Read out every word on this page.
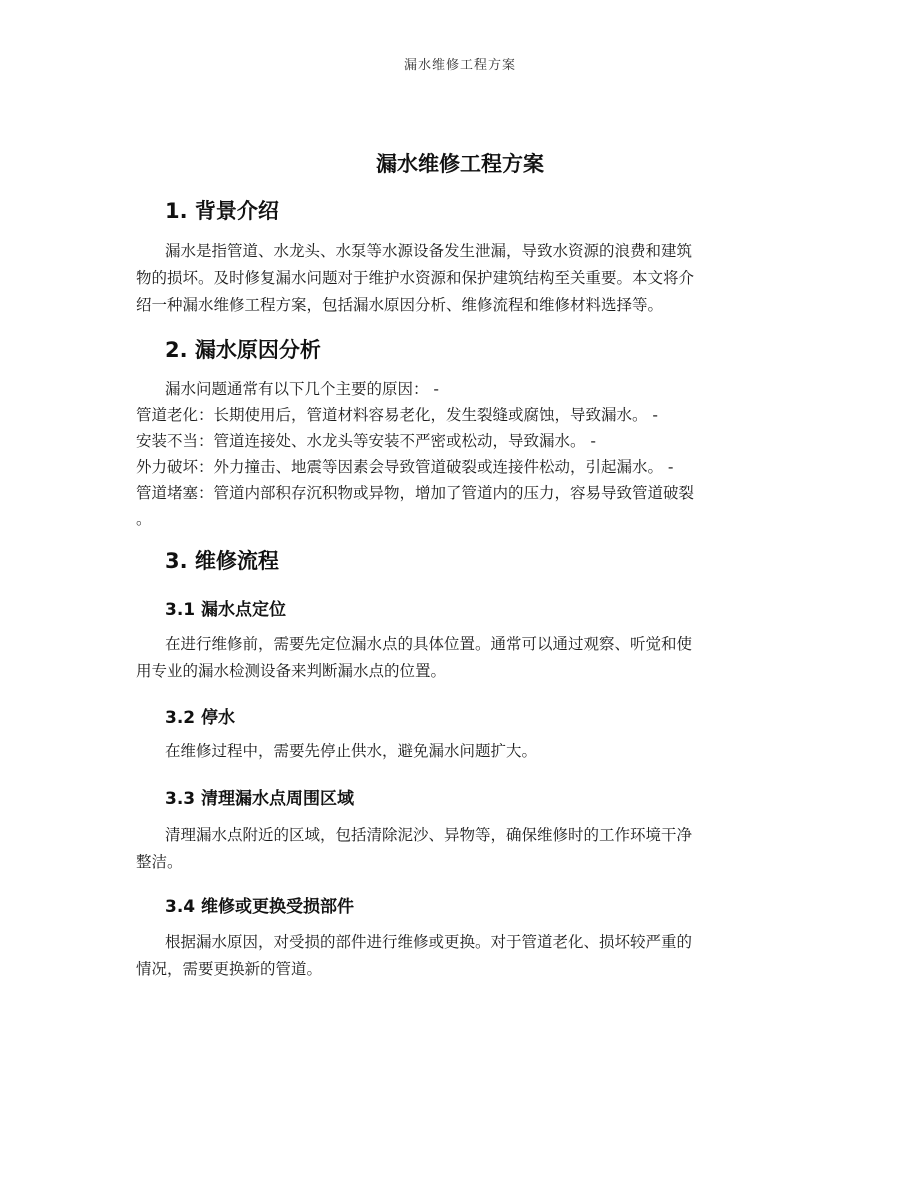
漏水维修工程方案
漏水维修工程方案
1. 背景介绍
漏水是指管道、水龙头、水泵等水源设备发生泄漏，导致水资源的浪费和建筑
物的损坏。及时修复漏水问题对于维护水资源和保护建筑结构至关重要。本文将介
绍一种漏水维修工程方案，包括漏水原因分析、维修流程和维修材料选择等。
2. 漏水原因分析
漏水问题通常有以下几个主要的原因： -
管道老化：长期使用后，管道材料容易老化，发生裂缝或腐蚀，导致漏水。 -
安装不当：管道连接处、水龙头等安装不严密或松动，导致漏水。 -
外力破坏：外力撞击、地震等因素会导致管道破裂或连接件松动，引起漏水。 -
管道堵塞：管道内部积存沉积物或异物，增加了管道内的压力，容易导致管道破裂
。
3. 维修流程
3.1 漏水点定位
在进行维修前，需要先定位漏水点的具体位置。通常可以通过观察、听觉和使
用专业的漏水检测设备来判断漏水点的位置。
3.2 停水
在维修过程中，需要先停止供水，避免漏水问题扩大。
3.3 清理漏水点周围区域
清理漏水点附近的区域，包括清除泥沙、异物等，确保维修时的工作环境干净
整洁。
3.4 维修或更换受损部件
根据漏水原因，对受损的部件进行维修或更换。对于管道老化、损坏较严重的
情况，需要更换新的管道。
